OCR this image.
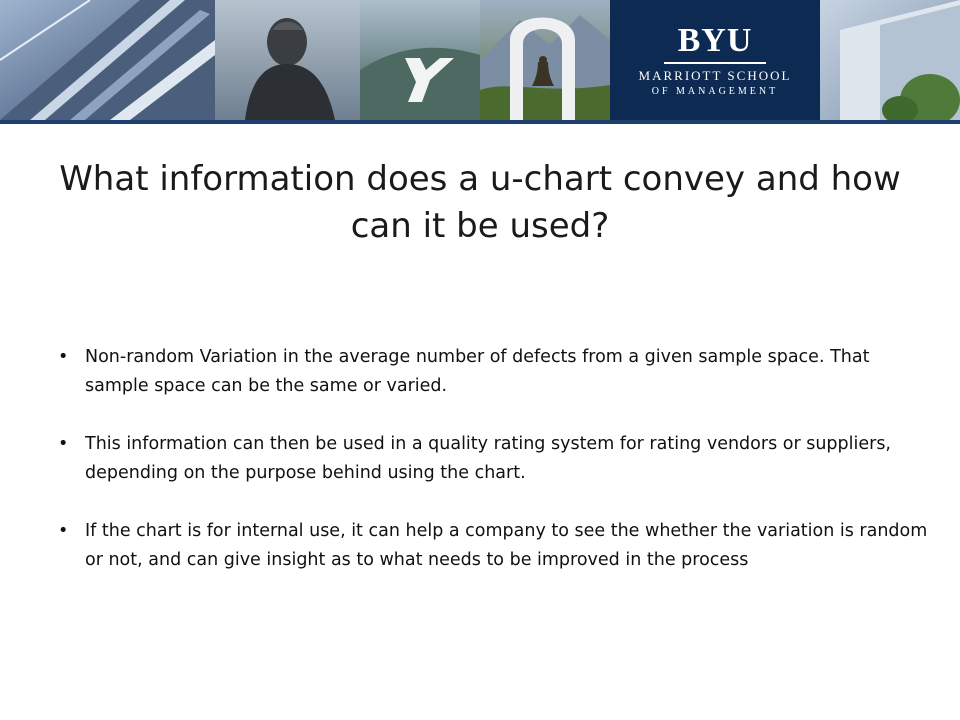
BYU
MARRIOTT SCHOOL
OF MANAGEMENT
What information does a u-chart convey and how can it be used?
• Non-random Variation in the average number of defects from a given sample space. That sample space can be the same or varied.
• This information can then be used in a quality rating system for rating vendors or suppliers, depending on the purpose behind using the chart.
• If the chart is for internal use, it can help a company to see the whether the variation is random or not, and can give insight as to what needs to be improved in the process
